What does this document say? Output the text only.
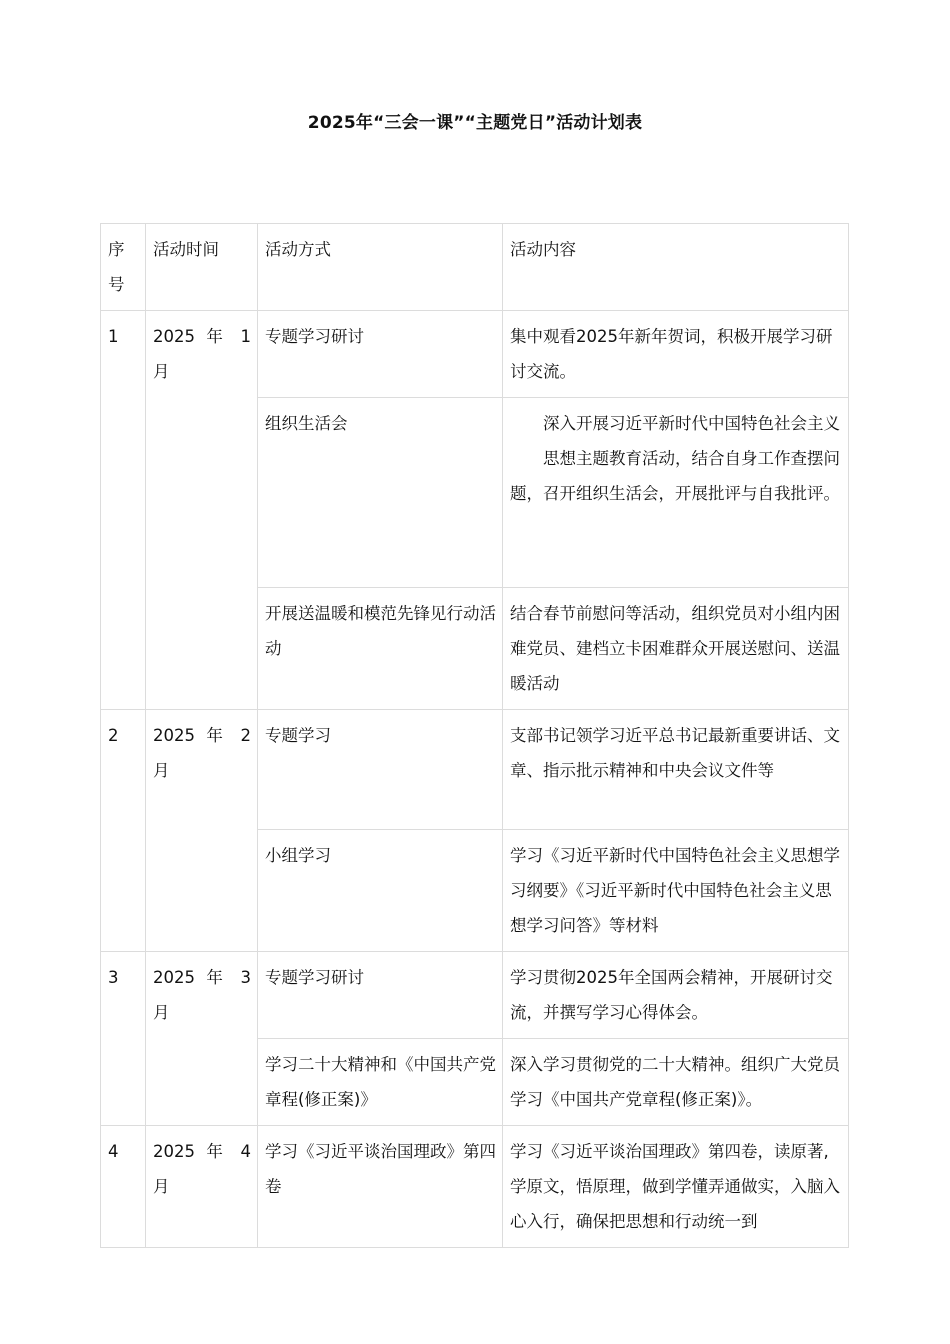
2025年“三会一课”“主题党日”活动计划表
序号	活动时间	活动方式	活动内容
1	2025 年 1 月	专题学习研讨	集中观看2025年新年贺词，积极开展学习研讨交流。

		组织生活会	深入开展习近平新时代中国特色社会主义
思想主题教育活动，结合自身工作查摆问题，召开组织生活会，开展批评与自我批评。

		开展送温暖和模范先锋见行动活动	结合春节前慰问等活动，组织党员对小组内困难党员、建档立卡困难群众开展送慰问、送温暖活动

2	2025 年 2 月	专题学习	支部书记领学习近平总书记最新重要讲话、文章、指示批示精神和中央会议文件等

		小组学习	学习《习近平新时代中国特色社会主义思想学习纲要》《习近平新时代中国特色社会主义思想学习问答》等材料

3	2025 年 3 月	专题学习研讨	学习贯彻2025年全国两会精神，开展研讨交流，并撰写学习心得体会。

		学习二十大精神和《中国共产党章程(修正案)》	深入学习贯彻党的二十大精神。组织广大党员学习《中国共产党章程(修正案)》。

4	2025 年 4 月	学习《习近平谈治国理政》第四卷	学习《习近平谈治国理政》第四卷，读原著,学原文，悟原理，做到学懂弄通做实，入脑入心入行，确保把思想和行动统一到
